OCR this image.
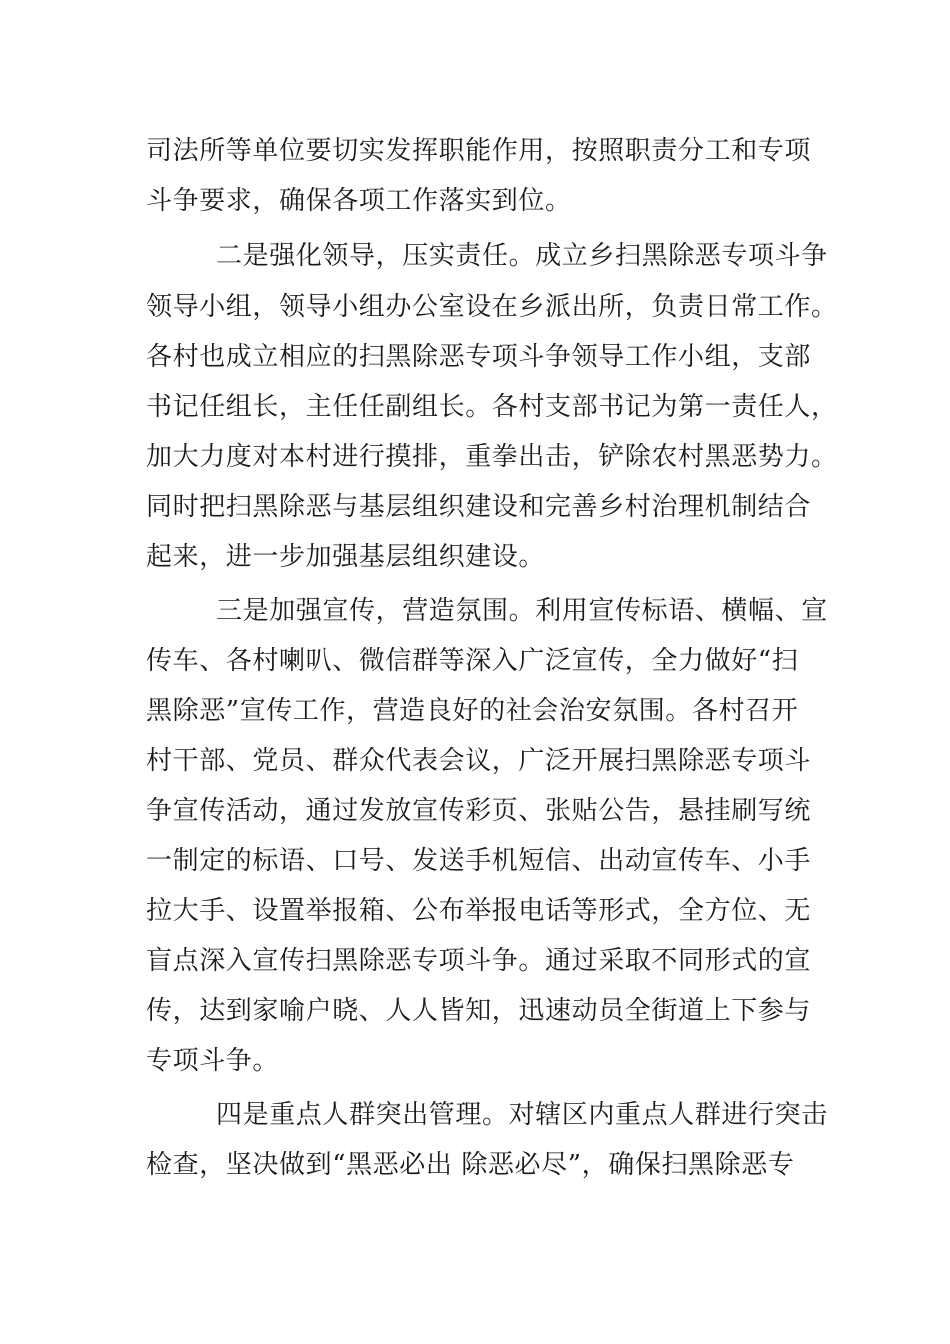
司法所等单位要切实发挥职能作用，按照职责分工和专项
斗争要求，确保各项工作落实到位。
二是强化领导，压实责任。成立乡扫黑除恶专项斗争
领导小组，领导小组办公室设在乡派出所，负责日常工作。
各村也成立相应的扫黑除恶专项斗争领导工作小组，支部
书记任组长，主任任副组长。各村支部书记为第一责任人，
加大力度对本村进行摸排，重拳出击，铲除农村黑恶势力。
同时把扫黑除恶与基层组织建设和完善乡村治理机制结合
起来，进一步加强基层组织建设。
三是加强宣传，营造氛围。利用宣传标语、横幅、宣
传车、各村喇叭、微信群等深入广泛宣传，全力做好“扫
黑除恶”宣传工作，营造良好的社会治安氛围。各村召开
村干部、党员、群众代表会议，广泛开展扫黑除恶专项斗
争宣传活动，通过发放宣传彩页、张贴公告，悬挂刷写统
一制定的标语、口号、发送手机短信、出动宣传车、小手
拉大手、设置举报箱、公布举报电话等形式，全方位、无
盲点深入宣传扫黑除恶专项斗争。通过采取不同形式的宣
传，达到家喻户晓、人人皆知，迅速动员全街道上下参与
专项斗争。
四是重点人群突出管理。对辖区内重点人群进行突击
检查，坚决做到“黑恶必出 除恶必尽”，确保扫黑除恶专
